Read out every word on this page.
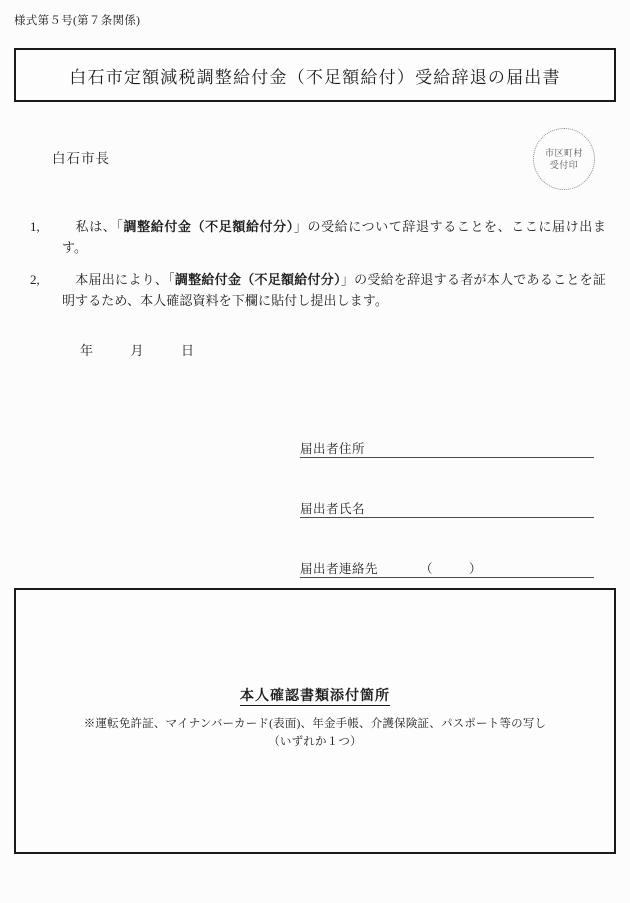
様式第５号(第７条関係)
白石市定額減税調整給付金（不足額給付）受給辞退の届出書
白石市長	市区町村
受付印
1,	　私は、「調整給付金（不足額給付分）」の受給について辞退することを、ここに届け出ます。
2,	　本届出により、「調整給付金（不足額給付分）」の受給を辞退する者が本人であることを証明するため、本人確認資料を下欄に貼付し提出します。
年	月	日
届出者住所
届出者氏名
届出者連絡先	（	）
本人確認書類添付箇所
※運転免許証、マイナンバーカード(表面)、年金手帳、介護保険証、パスポート等の写し
（いずれか１つ）
